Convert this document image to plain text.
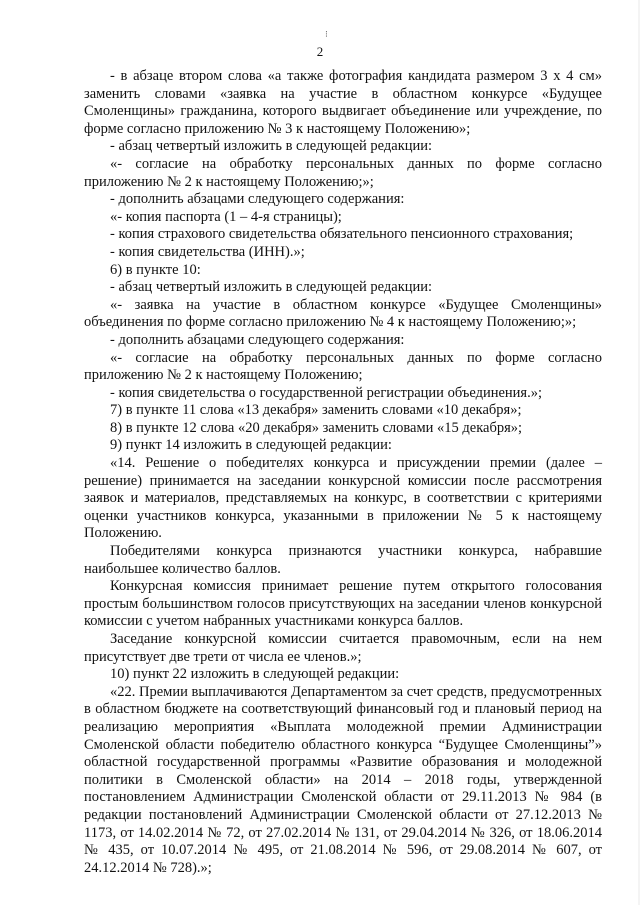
⁝
2

- в абзаце втором слова «а также фотография кандидата размером 3 х 4 см» заменить словами «заявка на участие в областном конкурсе «Будущее Смоленщины» гражданина, которого выдвигает объединение или учреждение, по форме согласно приложению № 3 к настоящему Положению»;

- абзац четвертый изложить в следующей редакции:

«- согласие на обработку персональных данных по форме согласно приложению № 2 к настоящему Положению;»;

- дополнить абзацами следующего содержания:

«- копия паспорта (1 – 4-я страницы);

- копия страхового свидетельства обязательного пенсионного страхования;

- копия свидетельства (ИНН).»;

6) в пункте 10:

- абзац четвертый изложить в следующей редакции:

«- заявка на участие в областном конкурсе «Будущее Смоленщины» объединения по форме согласно приложению № 4 к настоящему Положению;»;

- дополнить абзацами следующего содержания:

«- согласие на обработку персональных данных по форме согласно приложению № 2 к настоящему Положению;

- копия свидетельства о государственной регистрации объединения.»;

7) в пункте 11 слова «13 декабря» заменить словами «10 декабря»;

8) в пункте 12 слова «20 декабря» заменить словами «15 декабря»;

9) пункт 14 изложить в следующей редакции:

«14. Решение о победителях конкурса и присуждении премии (далее – решение) принимается на заседании конкурсной комиссии после рассмотрения заявок и материалов, представляемых на конкурс, в соответствии с критериями оценки участников конкурса, указанными в приложении № 5 к настоящему Положению.

Победителями конкурса признаются участники конкурса, набравшие наибольшее количество баллов.

Конкурсная комиссия принимает решение путем открытого голосования простым большинством голосов присутствующих на заседании членов конкурсной комиссии с учетом набранных участниками конкурса баллов.

Заседание конкурсной комиссии считается правомочным, если на нем присутствует две трети от числа ее членов.»;

10) пункт 22 изложить в следующей редакции:

«22. Премии выплачиваются Департаментом за счет средств, предусмотренных в областном бюджете на соответствующий финансовый год и плановый период на реализацию мероприятия «Выплата молодежной премии Администрации Смоленской области победителю областного конкурса “Будущее Смоленщины”» областной государственной программы «Развитие образования и молодежной политики в Смоленской области» на 2014 – 2018 годы, утвержденной постановлением Администрации Смоленской области от 29.11.2013 № 984 (в редакции постановлений Администрации Смоленской области от 27.12.2013 № 1173, от 14.02.2014 № 72, от 27.02.2014 № 131, от 29.04.2014 № 326, от 18.06.2014 № 435, от 10.07.2014 № 495, от 21.08.2014 № 596, от 29.08.2014 № 607, от 24.12.2014 № 728).»;
